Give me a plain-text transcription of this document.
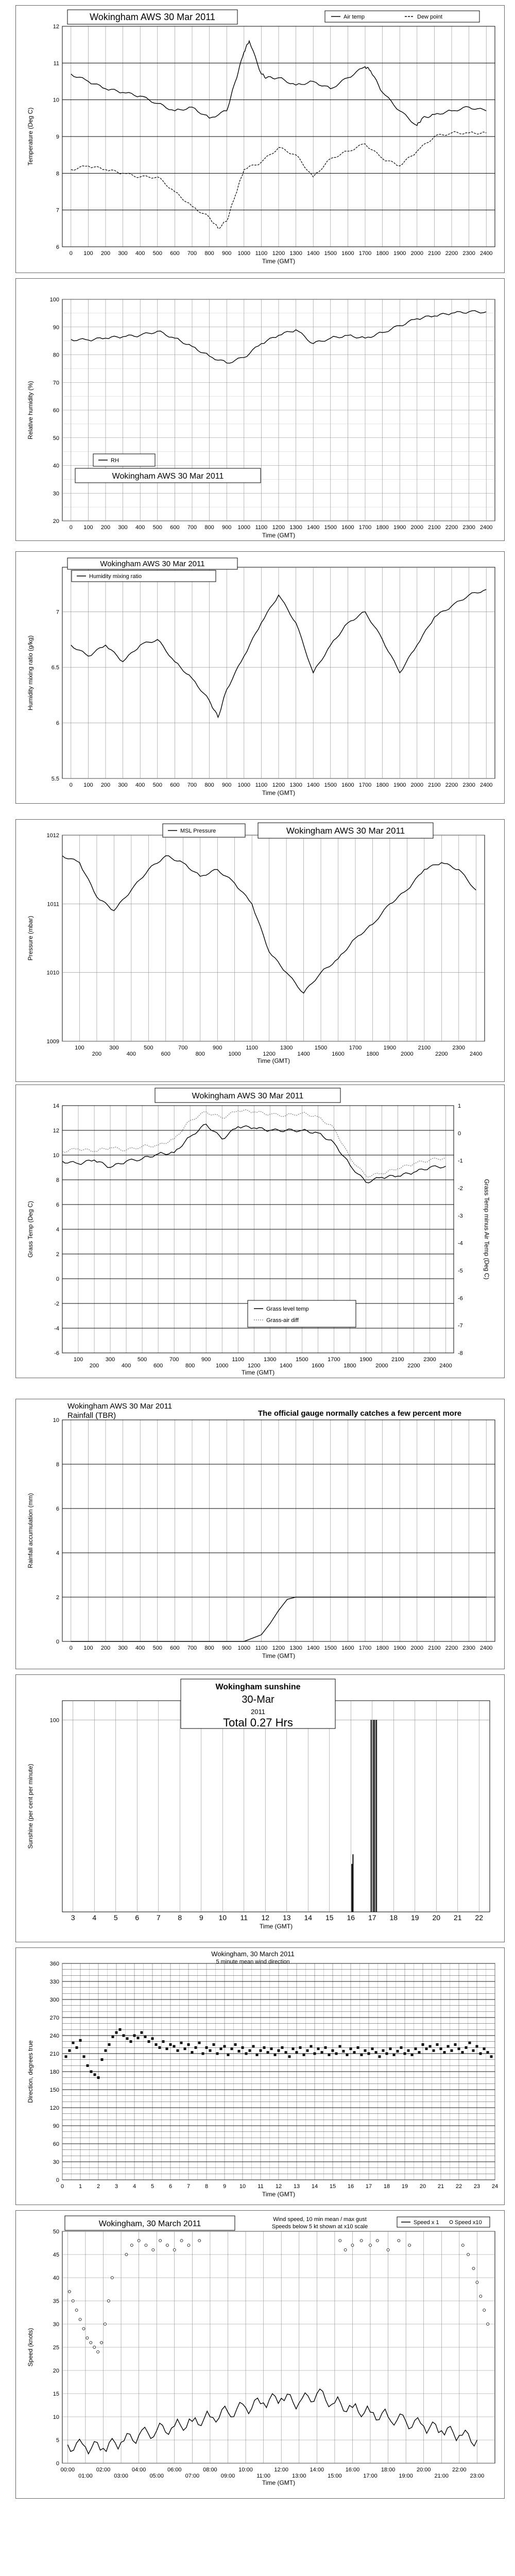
6
7
8
9
10
11
12
0 100 200 300 400 500 600 700 800 900 1000 1100 1200 1300 1400 1500 1600 1700 1800 1900 2000 2100 2200 2300 2400
Time (GMT)
Temperature (Deg C)
Wokingham AWS 30 Mar 2011	Air temp	Dew point
20
30
40
50
60
70
80
90
100
0 100 200 300 400 500 600 700 800 900 1000 1100 1200 1300 1400 1500 1600 1700 1800 1900 2000 2100 2200 2300 2400
Time (GMT)
Relative humidity (%)
RH
Wokingham AWS 30 Mar 2011
5.5
6
6.5
7
0 100 200 300 400 500 600 700 800 900 1000 1100 1200 1300 1400 1500 1600 1700 1800 1900 2000 2100 2200 2300 2400
Time (GMT)
Humidity mixing ratio (g/kg)
Wokingham AWS 30 Mar 2011
Humidity mixing ratio
1009
1010
1011
1012
100
200
300
400
500
600
700
800
900
1000
1100
1200
1300
1400
1500
1600
1700
1800
1900
2000
2100
2200
2300
2400
Time (GMT)
Pressure (mbar)
MSL Pressure	Wokingham AWS 30 Mar 2011
-6
-4
-2
0
2
4
6
8
10
12
14
100
200
300
400
500
600
700
800
900
1000
1100
1200
1300
1400
1500
1600
1700
1800
1900
2000
2100
2200
2300
2400
Time (GMT)
Grass Temp (Deg C)
-8
-7
-6
-5
-4
-3
-2
-1
0
1
Grass Temp minus Air Temp (Deg C)
Wokingham AWS 30 Mar 2011
Grass level temp
Grass-air diff
0
2
4
6
8
10
0 100 200 300 400 500 600 700 800 900 1000 1100 1200 1300 1400 1500 1600 1700 1800 1900 2000 2100 2200 2300 2400
Time (GMT)
Rainfall accumulation (mm)
Wokingham AWS 30 Mar 2011
Rainfall (TBR)	The official gauge normally catches a few percent more
100
3 4 5 6 7 8 9 10 11 12 13 14 15 16 17 18 19 20 21 22
Time (GMT)
Sunshine (per cent per minute)
Wokingham sunshine
30-Mar
2011
Total 0.27 Hrs
0
30
60
90
120
150
180
210
240
270
300
330
360
0	1	2	3	4	5	6	7	8	9 10 11 12 13 14 15 16 17 18 19 20 21 22 23 24
Time (GMT)
Direction, degrees true
Wokingham, 30 March 2011
5 minute mean wind direction
0
5
10
15
20
25
30
35
40
45
50
00:00
01:00
02:00
03:00
04:00
05:00
06:00
07:00
08:00
09:00
10:00
11:00
12:00
13:00
14:00
15:00
16:00
17:00
18:00
19:00
20:00
21:00
22:00
23:00
Time (GMT)
Speed (knots)
Wokingham, 30 March 2011	Wind speed, 10 min mean / max gust
Speeds below 5 kt shown at x10 scale
Speed x 1	Speed x10
